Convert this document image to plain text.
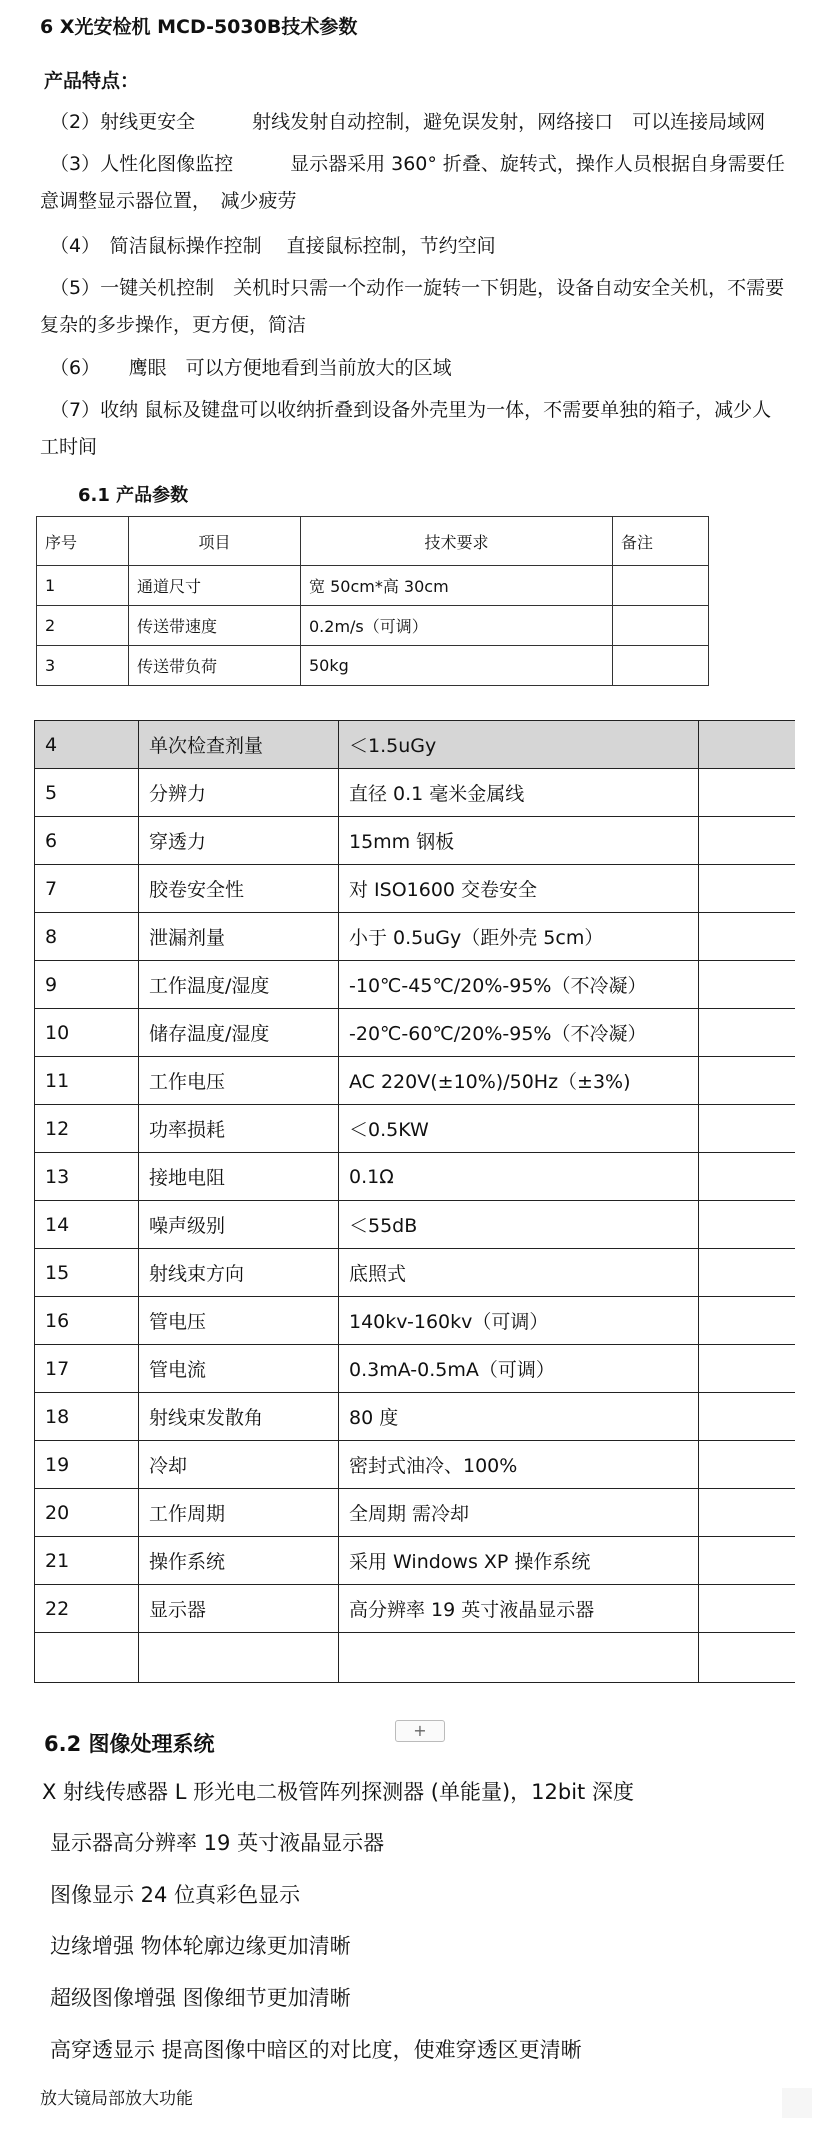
6 X光安检机 MCD-5030B技术参数
产品特点：
（2）射线更安全　　　射线发射自动控制，避免误发射，网络接口　可以连接局域网
（3）人性化图像监控　　　显示器采用 360° 折叠、旋转式，操作人员根据自身需要任意调整显示器位置，　减少疲劳
（4）　简洁鼠标操作控制　 直接鼠标控制，节约空间
（5）一键关机控制　关机时只需一个动作一旋转一下钥匙，设备自动安全关机，不需要复杂的多步操作，更方便，简洁
（6）　　鹰眼　可以方便地看到当前放大的区域
（7）收纳 鼠标及键盘可以收纳折叠到设备外壳里为一体，不需要单独的箱子，减少人工时间
6.1 产品参数
序号	项目	技术要求	备注
1	通道尺寸	宽 50cm*高 30cm	
2	传送带速度	0.2m/s（可调）	
3	传送带负荷	50kg	
4	单次检查剂量	＜1.5uGy	
5	分辨力	直径 0.1 毫米金属线	
6	穿透力	15mm 钢板	
7	胶卷安全性	对 ISO1600 交卷安全	
8	泄漏剂量	小于 0.5uGy（距外壳 5cm）	
9	工作温度/湿度	-10℃-45℃/20%-95%（不冷凝）	
10	储存温度/湿度	-20℃-60℃/20%-95%（不冷凝）	
11	工作电压	AC 220V(±10%)/50Hz（±3%)	
12	功率损耗	＜0.5KW	
13	接地电阻	0.1Ω	
14	噪声级别	＜55dB	
15	射线束方向	底照式	
16	管电压	140kv-160kv（可调）	
17	管电流	0.3mA-0.5mA（可调）	
18	射线束发散角	80 度	
19	冷却	密封式油冷、100%	
20	工作周期	全周期 需冷却	
21	操作系统	采用 Windows XP 操作系统	
22	显示器	高分辨率 19 英寸液晶显示器	

+
6.2 图像处理系统
X 射线传感器 L 形光电二极管阵列探测器 (单能量)，12bit 深度
显示器高分辨率 19 英寸液晶显示器
图像显示 24 位真彩色显示
边缘增强 物体轮廓边缘更加清晰
超级图像增强 图像细节更加清晰
高穿透显示 提高图像中暗区的对比度，使难穿透区更清晰
放大镜局部放大功能
